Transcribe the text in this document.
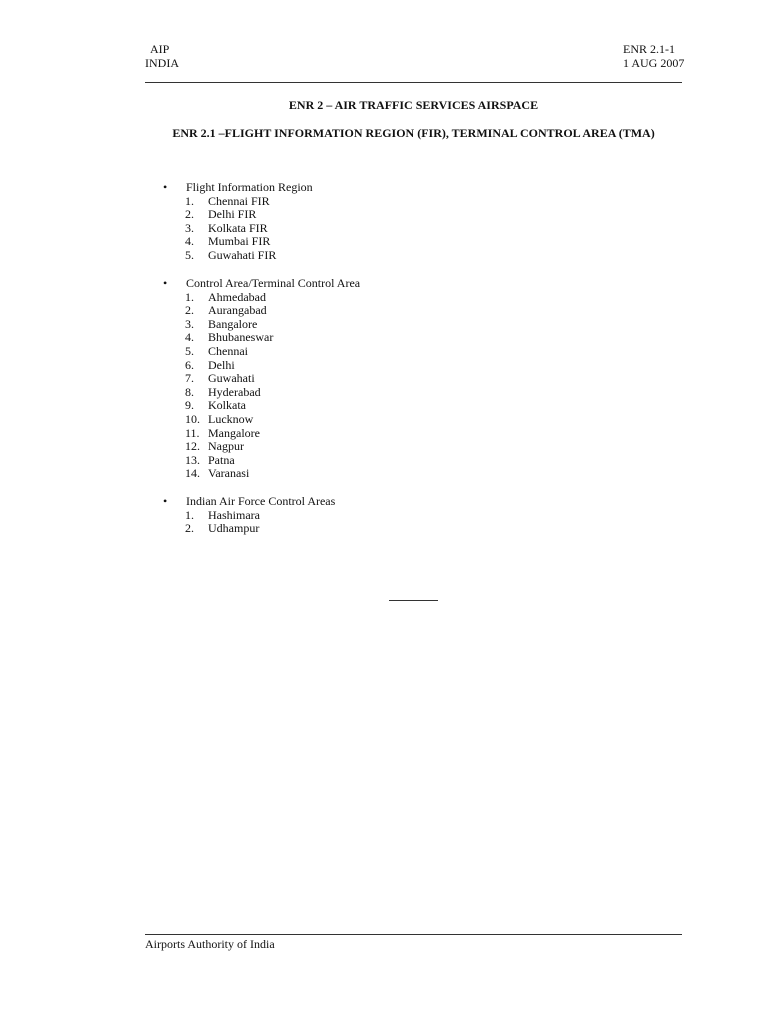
AIP
INDIA
ENR 2.1-1
1 AUG 2007
ENR 2 – AIR TRAFFIC SERVICES AIRSPACE
ENR 2.1 –FLIGHT INFORMATION REGION (FIR), TERMINAL CONTROL AREA (TMA)
•	Flight Information Region
1. Chennai FIR
2. Delhi FIR
3. Kolkata FIR
4. Mumbai FIR
5. Guwahati FIR
•	Control Area/Terminal Control Area
1. Ahmedabad
2. Aurangabad
3. Bangalore
4. Bhubaneswar
5. Chennai
6. Delhi
7. Guwahati
8. Hyderabad
9. Kolkata
10. Lucknow
11. Mangalore
12. Nagpur
13. Patna
14. Varanasi
•	Indian Air Force Control Areas
1. Hashimara
2. Udhampur
Airports Authority of India
